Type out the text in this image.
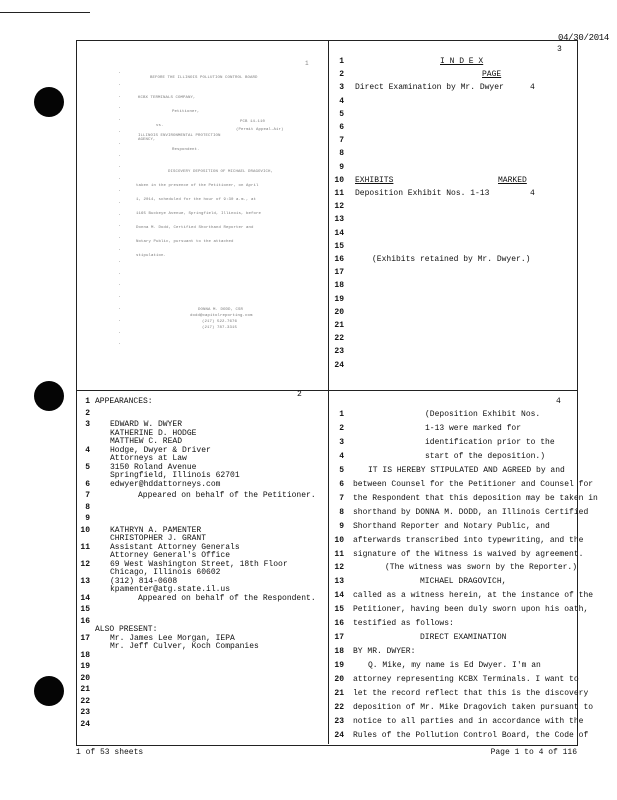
04/30/2014
1
BEFORE THE ILLINOIS POLLUTION CONTROL BOARD
KCBX TERMINALS COMPANY,
Petitioner,
vs.
ILLINOIS ENVIRONMENTAL PROTECTION AGENCY,
Respondent.
PCB 14-110
(Permit Appeal-Air)
DISCOVERY DEPOSITION OF MICHAEL DRAGOVICH,
taken in the presence of the Petitioner, on April
1, 2014, scheduled for the hour of 9:30 a.m., at
1165 Buckeye Avenue, Springfield, Illinois, before
Donna M. Dodd, Certified Shorthand Reporter and
Notary Public, pursuant to the attached
stipulation.
DONNA M. DODD, CSR
dodd@capitolreporting.com
(217) 522-7676
(217) 787-3315
·
·
·
·
·
·
·
·
·
·
·
·
·
·
·
·
·
·
·
·
·
·
·
·
2
1 APPEARANCES:
2
3	EDWARD W. DWYER
KATHERINE D. HODGE
MATTHEW C. READ
4	Hodge, Dwyer & Driver
Attorneys at Law
5	3150 Roland Avenue
Springfield, Illinois 62701
6	edwyer@hddattorneys.com
7	Appeared on behalf of the Petitioner.
8
9
10	KATHRYN A. PAMENTER
CHRISTOPHER J. GRANT
11	Assistant Attorney Generals
Attorney General's Office
12	69 West Washington Street, 18th Floor
Chicago, Illinois 60602
13	(312) 814-0608
kpamenter@atg.state.il.us
14	Appeared on behalf of the Respondent.
15
16
ALSO PRESENT:
17	Mr. James Lee Morgan, IEPA
Mr. Jeff Culver, Koch Companies
18
19
20
21
22
23
24
3
1	I N D E X
2	PAGE
3 Direct Examination by Mr. Dwyer	4
4
5
6
7
8
9
10 EXHIBITS	MARKED
11 Deposition Exhibit Nos. 1-13	4
12
13
14
15
16	(Exhibits retained by Mr. Dwyer.)
17
18
19
20
21
22
23
24
4
1	(Deposition Exhibit Nos.
2	1-13 were marked for
3	identification prior to the
4	start of the deposition.)
5	IT IS HEREBY STIPULATED AND AGREED by and
6 between Counsel for the Petitioner and Counsel for
7 the Respondent that this deposition may be taken in
8 shorthand by DONNA M. DODD, an Illinois Certified
9 Shorthand Reporter and Notary Public, and
10 afterwards transcribed into typewriting, and the
11 signature of the Witness is waived by agreement.
12	(The witness was sworn by the Reporter.)
13	MICHAEL DRAGOVICH,
14 called as a witness herein, at the instance of the
15 Petitioner, having been duly sworn upon his oath,
16 testified as follows:
17	DIRECT EXAMINATION
18 BY MR. DWYER:
19	Q. Mike, my name is Ed Dwyer. I'm an
20 attorney representing KCBX Terminals. I want to
21 let the record reflect that this is the discovery
22 deposition of Mr. Mike Dragovich taken pursuant to
23 notice to all parties and in accordance with the
24 Rules of the Pollution Control Board, the Code of
1 of 53 sheets	Page 1 to 4 of 116
